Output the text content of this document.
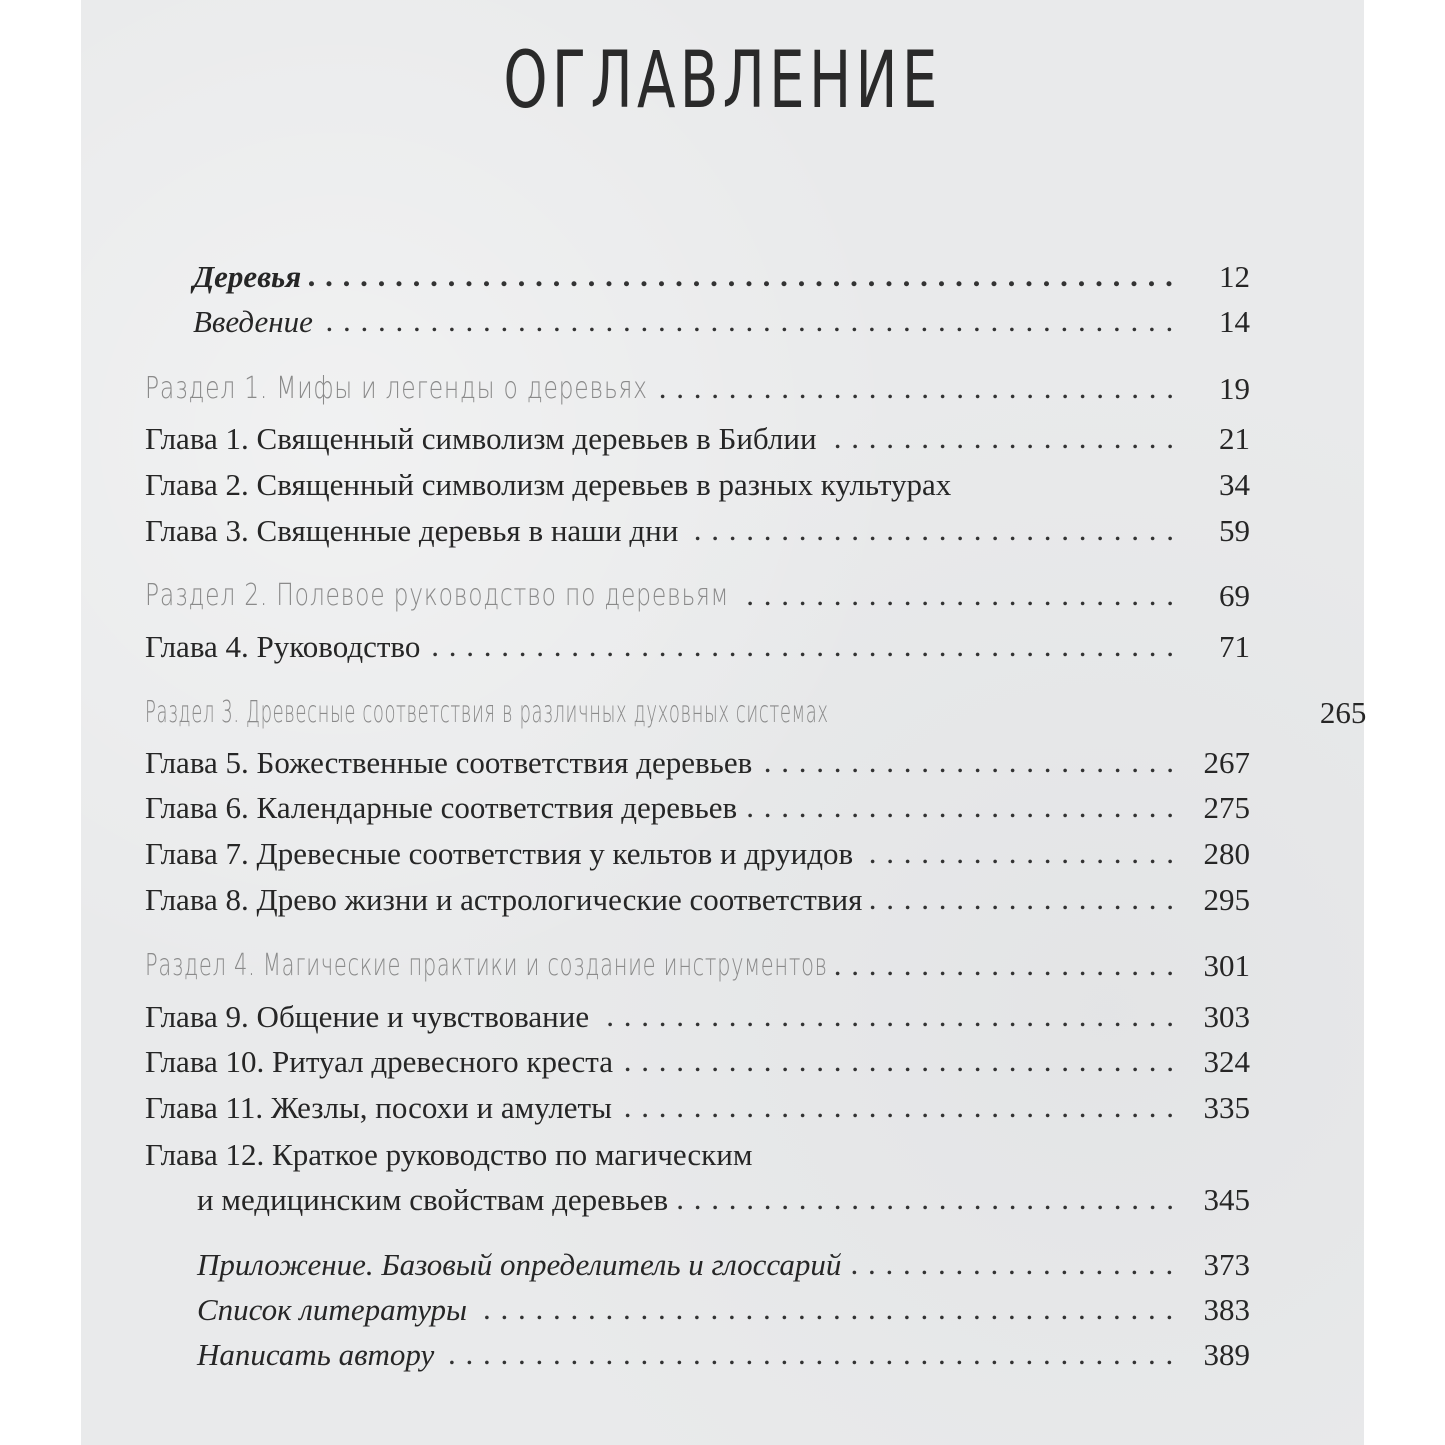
ОГЛАВЛЕНИЕ
Деревья . . .	12
Введение . . .	14
Раздел 1. Мифы и легенды о деревьях . . .	19
Глава 1. Священный символизм деревьев в Библии . . .	21
Глава 2. Священный символизм деревьев в разных культурах	34
Глава 3. Священные деревья в наши дни . . .	59
Раздел 2. Полевое руководство по деревьям . . .	69
Глава 4. Руководство . . .	71
Раздел 3. Древесные соответствия в различных духовных системах	265
Глава 5. Божественные соответствия деревьев . . .	267
Глава 6. Календарные соответствия деревьев . . .	275
Глава 7. Древесные соответствия у кельтов и друидов . . .	280
Глава 8. Древо жизни и астрологические соответствия . . .	295
Раздел 4. Магические практики и создание инструментов . . .	301
Глава 9. Общение и чувствование . . .	303
Глава 10. Ритуал древесного креста . . .	324
Глава 11. Жезлы, посохи и амулеты . . .	335
Глава 12. Краткое руководство по магическим
и медицинским свойствам деревьев . . .	345
Приложение. Базовый определитель и глоссарий . . .	373
Список литературы . . .	383
Написать автору . . .	389
